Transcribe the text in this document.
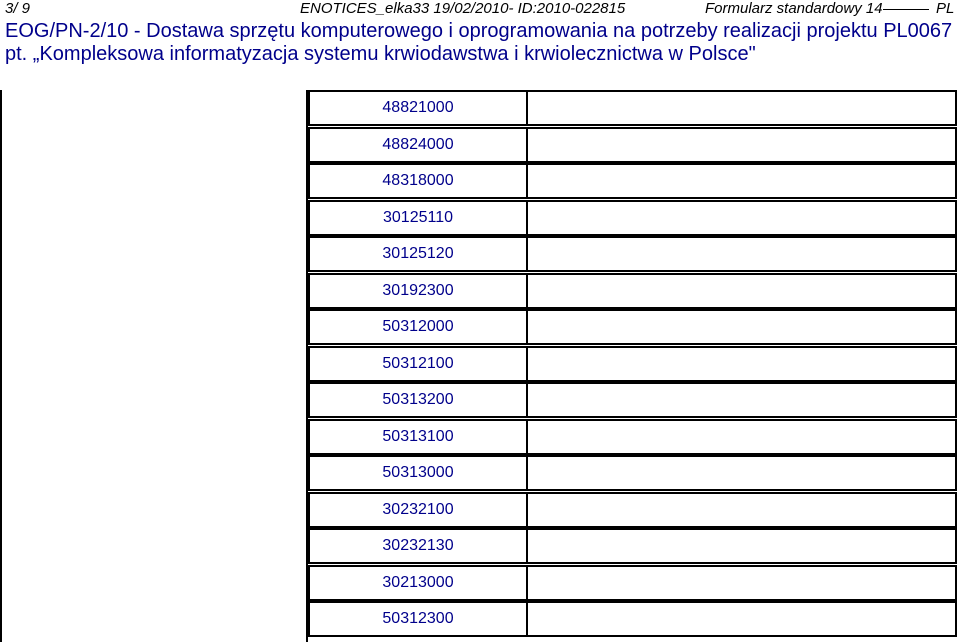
3/ 9	ENOTICES_elka33 19/02/2010- ID:2010-022815	Formularz standardowy 14	PL
EOG/PN-2/10 - Dostawa sprzętu komputerowego i oprogramowania na potrzeby realizacji projektu PL0067 pt. „Kompleksowa informatyzacja systemu krwiodawstwa i krwiolecznictwa w Polsce"
48821000
48824000
48318000
30125110
30125120
30192300
50312000
50312100
50313200
50313100
50313000
30232100
30232130
30213000
50312300
